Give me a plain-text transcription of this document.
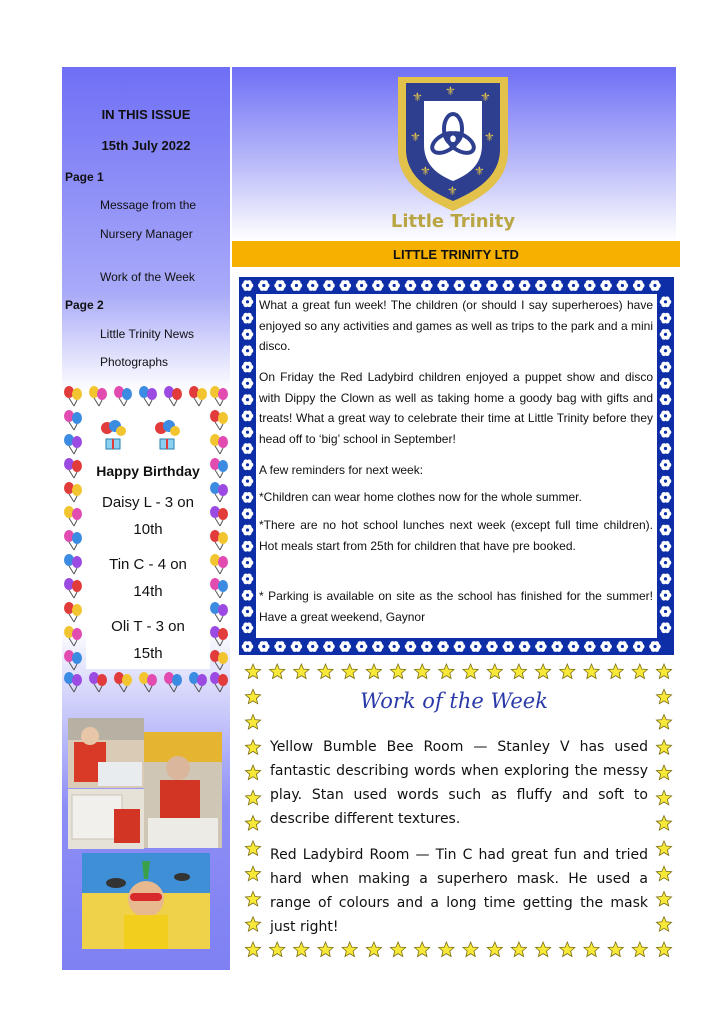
IN THIS ISSUE
15th July 2022
Page 1
Message from the
Nursery Manager
Work of the Week
Page 2
Little Trinity News
Photographs
Happy Birthday
Daisy L - 3 on
10th
Tin C - 4 on
14th
Oli T - 3 on
15th
⚜ ⚜ ⚜
⚜	⚜
⚜	⚜
⚜
Little Trinity
LITTLE TRINITY LTD

What a great fun week! The children (or should I say superheroes) have enjoyed so any activities and games as well as trips to the park and a mini disco.

On Friday the Red Ladybird children enjoyed a puppet show and disco with Dippy the Clown as well as taking home a goody bag with gifts and treats! What a great way to celebrate their time at Little Trinity before they head off to ‘big’ school in September!

A few reminders for next week:

*Children can wear home clothes now for the whole summer.

*There are no hot school lunches next week (except full time children). Hot meals start from 25th for children that have pre booked.

* Parking is available on site as the school has finished for the summer! Have a great weekend, Gaynor

Work of the Week

Yellow Bumble Bee Room — Stanley V has used fantastic describing words when exploring the messy play. Stan used words such as fluffy and soft to describe different textures.

Red Ladybird Room — Tin C had great fun and tried hard when making a superhero mask. He used a range of colours and a long time getting the mask just right!
